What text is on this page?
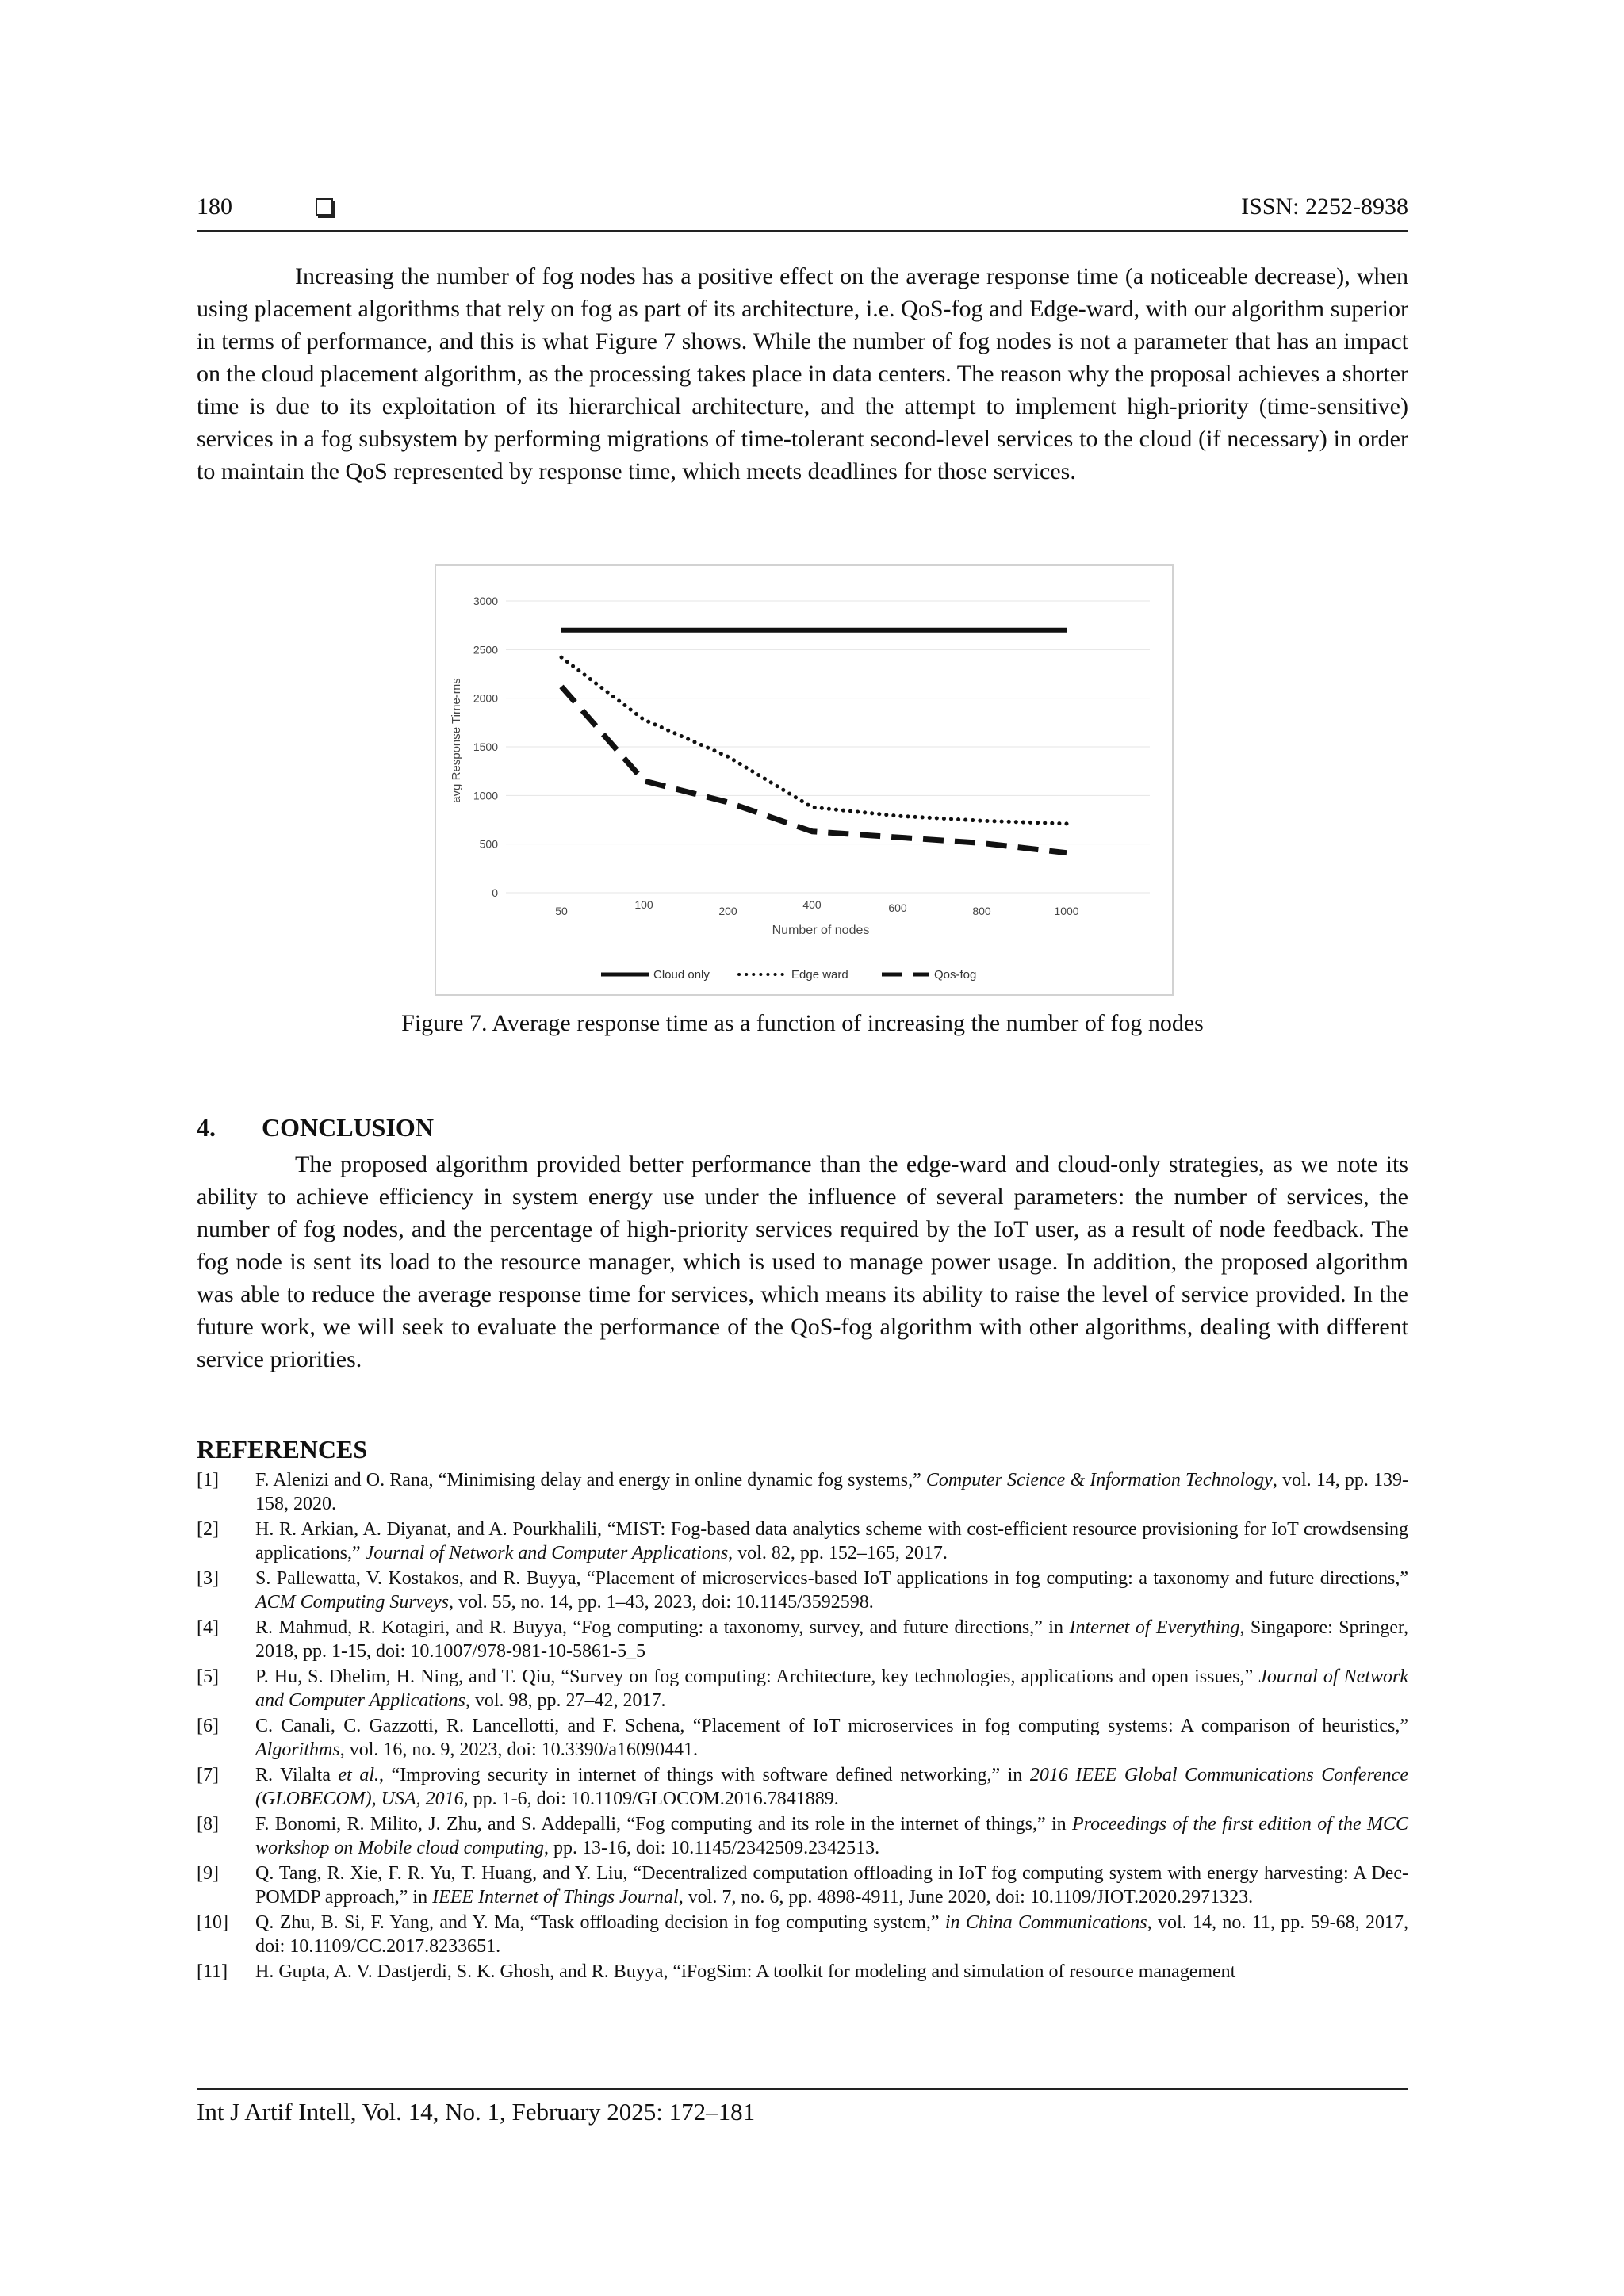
180	ISSN: 2252-8938

Increasing the number of fog nodes has a positive effect on the average response time (a noticeable decrease), when using placement algorithms that rely on fog as part of its architecture, i.e. QoS-fog and Edge-ward, with our algorithm superior in terms of performance, and this is what Figure 7 shows. While the number of fog nodes is not a parameter that has an impact on the cloud placement algorithm, as the processing takes place in data centers. The reason why the proposal achieves a shorter time is due to its exploitation of its hierarchical architecture, and the attempt to implement high-priority (time-sensitive) services in a fog subsystem by performing migrations of time-tolerant second-level services to the cloud (if necessary) in order to maintain the QoS represented by response time, which meets deadlines for those services.

0
500
1000
1500
2000
2500
3000
50	100	200	400	600	800	1000
avg Response Time-ms
Number of nodes
Cloud only	Edge ward	Qos-fog
Figure 7. Average response time as a function of increasing the number of fog nodes
4. CONCLUSION

The proposed algorithm provided better performance than the edge-ward and cloud-only strategies, as we note its ability to achieve efficiency in system energy use under the influence of several parameters: the number of services, the number of fog nodes, and the percentage of high-priority services required by the IoT user, as a result of node feedback. The fog node is sent its load to the resource manager, which is used to manage power usage. In addition, the proposed algorithm was able to reduce the average response time for services, which means its ability to raise the level of service provided. In the future work, we will seek to evaluate the performance of the QoS-fog algorithm with other algorithms, dealing with different service priorities.

REFERENCES
[1] F. Alenizi and O. Rana, “Minimising delay and energy in online dynamic fog systems,” Computer Science & Information Technology, vol. 14, pp. 139-158, 2020.
[2] H. R. Arkian, A. Diyanat, and A. Pourkhalili, “MIST: Fog-based data analytics scheme with cost-efficient resource provisioning for IoT crowdsensing applications,” Journal of Network and Computer Applications, vol. 82, pp. 152–165, 2017.
[3] S. Pallewatta, V. Kostakos, and R. Buyya, “Placement of microservices-based IoT applications in fog computing: a taxonomy and future directions,” ACM Computing Surveys, vol. 55, no. 14, pp. 1–43, 2023, doi: 10.1145/3592598.
[4] R. Mahmud, R. Kotagiri, and R. Buyya, “Fog computing: a taxonomy, survey, and future directions,” in Internet of Everything, Singapore: Springer, 2018, pp. 1-15, doi: 10.1007/978-981-10-5861-5_5
[5] P. Hu, S. Dhelim, H. Ning, and T. Qiu, “Survey on fog computing: Architecture, key technologies, applications and open issues,” Journal of Network and Computer Applications, vol. 98, pp. 27–42, 2017.
[6] C. Canali, C. Gazzotti, R. Lancellotti, and F. Schena, “Placement of IoT microservices in fog computing systems: A comparison of heuristics,” Algorithms, vol. 16, no. 9, 2023, doi: 10.3390/a16090441.
[7] R. Vilalta et al., “Improving security in internet of things with software defined networking,” in 2016 IEEE Global Communications Conference (GLOBECOM), USA, 2016, pp. 1-6, doi: 10.1109/GLOCOM.2016.7841889.
[8] F. Bonomi, R. Milito, J. Zhu, and S. Addepalli, “Fog computing and its role in the internet of things,” in Proceedings of the first edition of the MCC workshop on Mobile cloud computing, pp. 13-16, doi: 10.1145/2342509.2342513.
[9] Q. Tang, R. Xie, F. R. Yu, T. Huang, and Y. Liu, “Decentralized computation offloading in IoT fog computing system with energy harvesting: A Dec-POMDP approach,” in IEEE Internet of Things Journal, vol. 7, no. 6, pp. 4898-4911, June 2020, doi: 10.1109/JIOT.2020.2971323.
[10] Q. Zhu, B. Si, F. Yang, and Y. Ma, “Task offloading decision in fog computing system,” in China Communications, vol. 14, no. 11, pp. 59-68, 2017, doi: 10.1109/CC.2017.8233651.
[11] H. Gupta, A. V. Dastjerdi, S. K. Ghosh, and R. Buyya, “iFogSim: A toolkit for modeling and simulation of resource management
Int J Artif Intell, Vol. 14, No. 1, February 2025: 172–181
